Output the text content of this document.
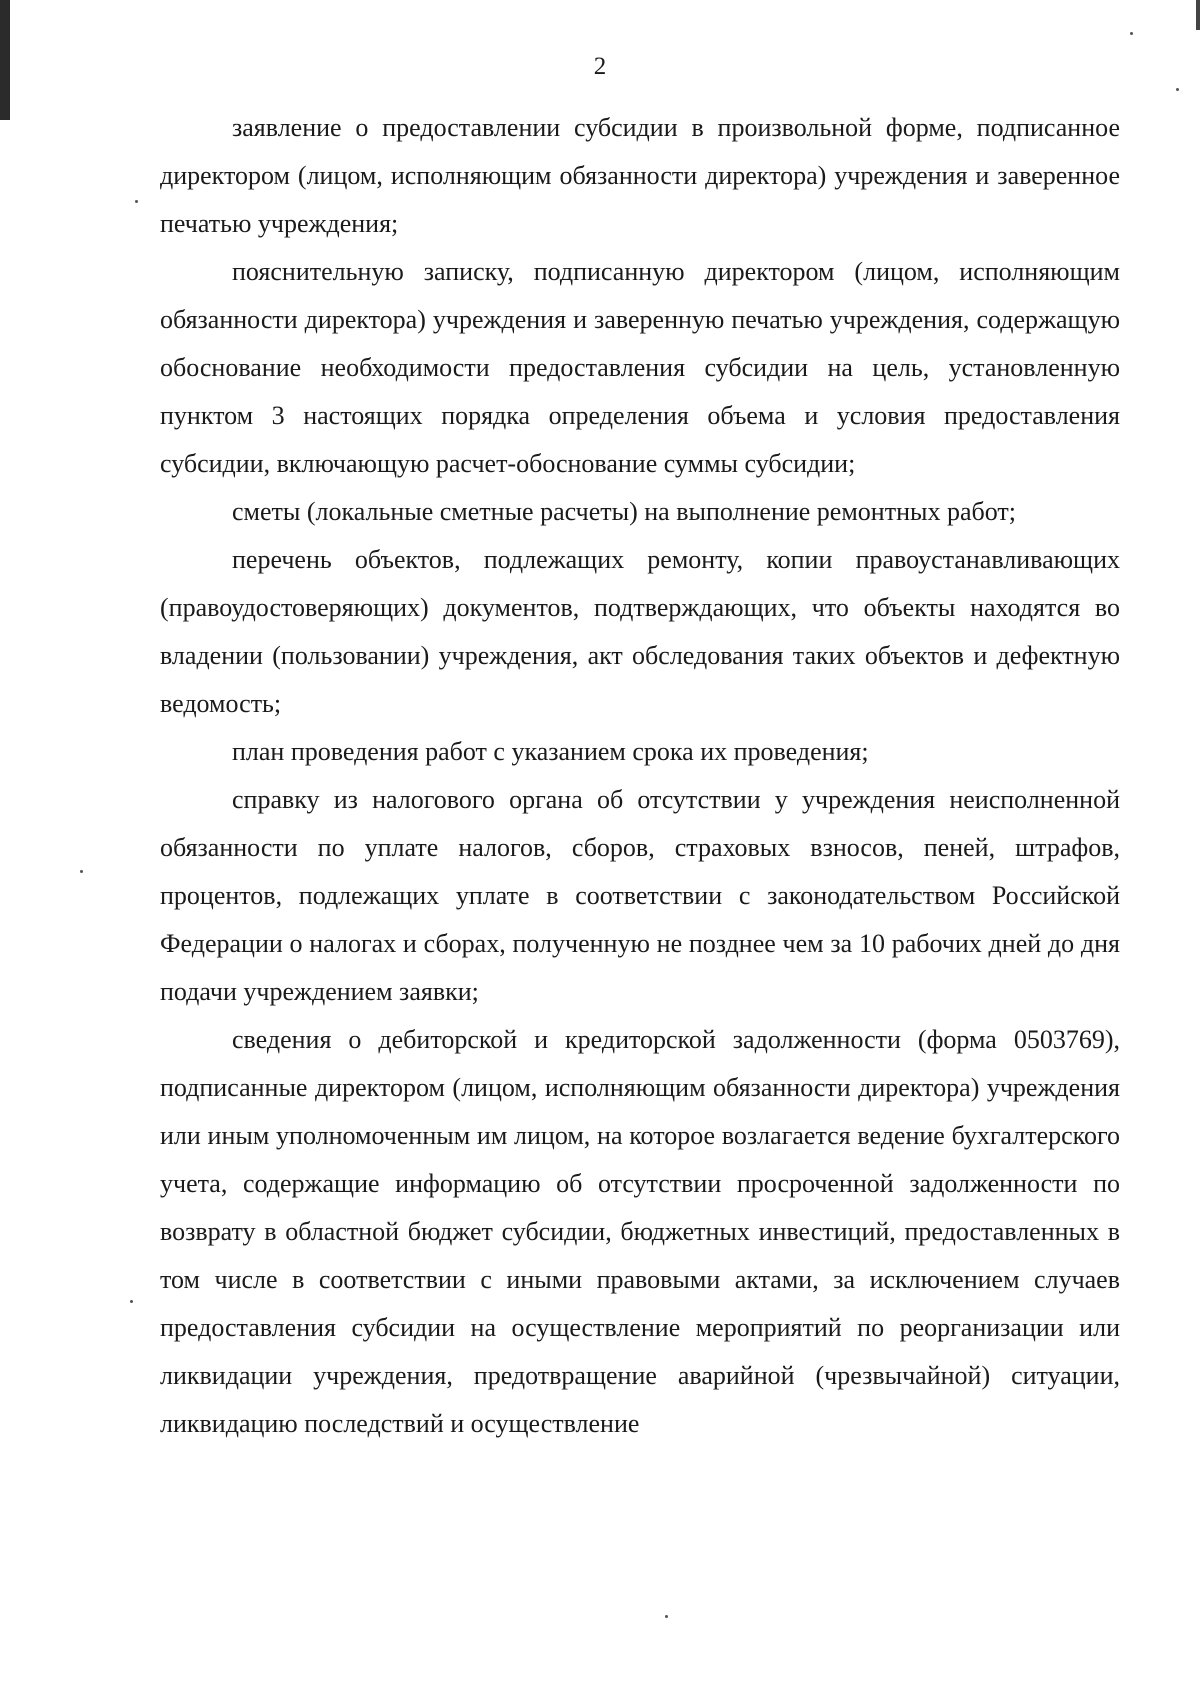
2

заявление о предоставлении субсидии в произвольной форме, подписанное директором (лицом, исполняющим обязанности директора) учреждения и заверенное печатью учреждения;

пояснительную записку, подписанную директором (лицом, исполняющим обязанности директора) учреждения и заверенную печатью учреждения, содержащую обоснование необходимости предоставления субсидии на цель, установленную пунктом 3 настоящих порядка определения объема и условия предоставления субсидии, включающую расчет-обоснование суммы субсидии;

сметы (локальные сметные расчеты) на выполнение ремонтных работ;

перечень объектов, подлежащих ремонту, копии правоустанавливающих (правоудостоверяющих) документов, подтверждающих, что объекты находятся во владении (пользовании) учреждения, акт обследования таких объектов и дефектную ведомость;

план проведения работ с указанием срока их проведения;

справку из налогового органа об отсутствии у учреждения неисполненной обязанности по уплате налогов, сборов, страховых взносов, пеней, штрафов, процентов, подлежащих уплате в соответствии с законодательством Российской Федерации о налогах и сборах, полученную не позднее чем за 10 рабочих дней до дня подачи учреждением заявки;

сведения о дебиторской и кредиторской задолженности (форма 0503769), подписанные директором (лицом, исполняющим обязанности директора) учреждения или иным уполномоченным им лицом, на которое возлагается ведение бухгалтерского учета, содержащие информацию об отсутствии просроченной задолженности по возврату в областной бюджет субсидии, бюджетных инвестиций, предоставленных в том числе в соответствии с иными правовыми актами, за исключением случаев предоставления субсидии на осуществление мероприятий по реорганизации или ликвидации учреждения, предотвращение аварийной (чрезвычайной) ситуации, ликвидацию последствий и осуществление
